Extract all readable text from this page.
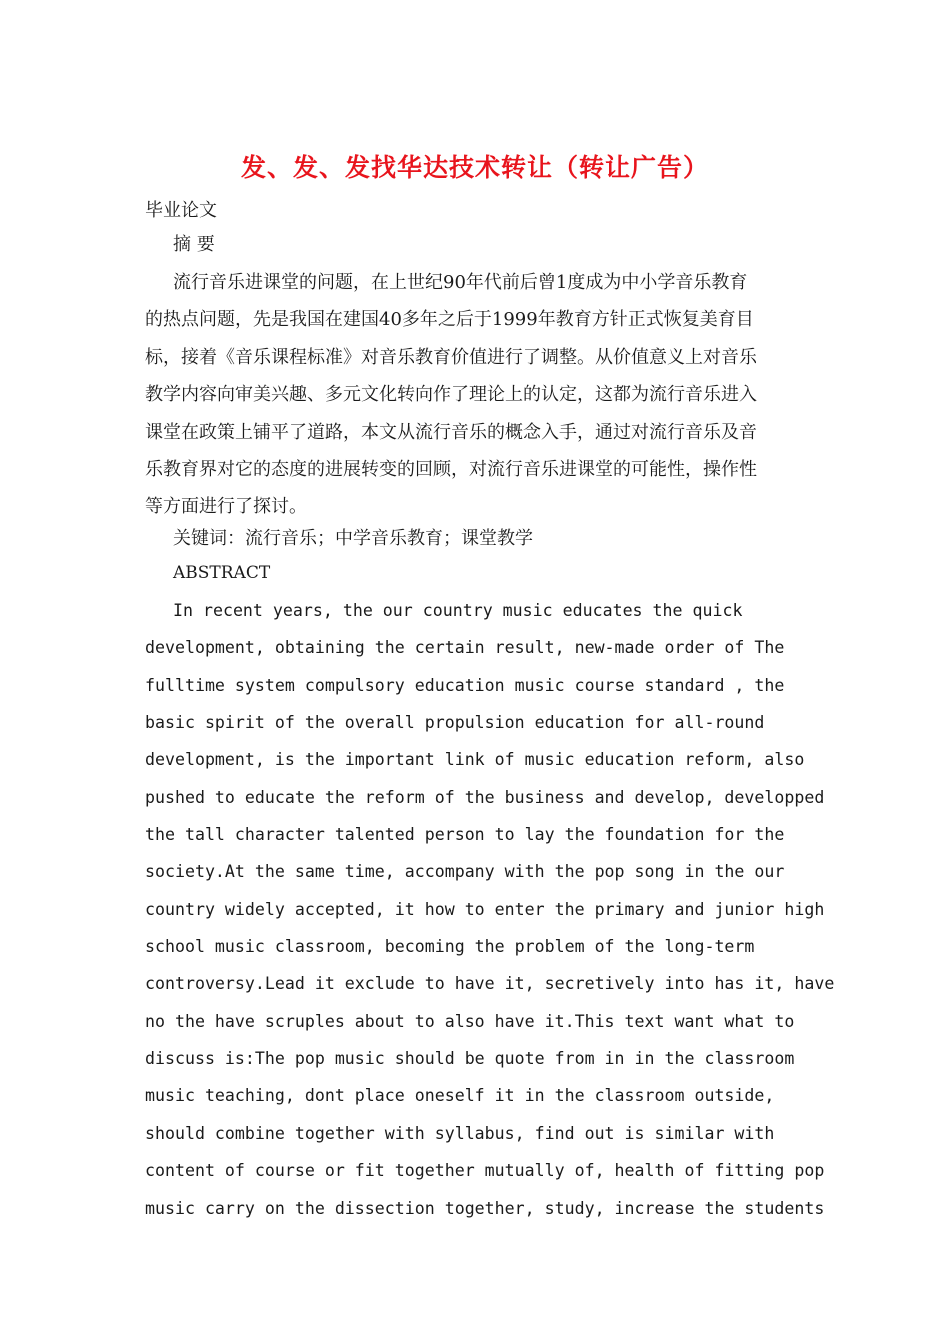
发、发、发找华达技术转让（转让广告）
毕业论文
摘 要
流行音乐进课堂的问题，在上世纪90年代前后曾1度成为中小学音乐教育
的热点问题，先是我国在建国40多年之后于1999年教育方针正式恢复美育目
标，接着《音乐课程标准》对音乐教育价值进行了调整。从价值意义上对音乐
教学内容向审美兴趣、多元文化转向作了理论上的认定，这都为流行音乐进入
课堂在政策上铺平了道路，本文从流行音乐的概念入手，通过对流行音乐及音
乐教育界对它的态度的进展转变的回顾，对流行音乐进课堂的可能性，操作性
等方面进行了探讨。
关键词：流行音乐；中学音乐教育；课堂教学
ABSTRACT
In recent years, the our country music educates the quick
development, obtaining the certain result, new-made order of The
fulltime system compulsory education music course standard , the
basic spirit of the overall propulsion education for all-round
development, is the important link of music education reform, also
pushed to educate the reform of the business and develop, developped
the tall character talented person to lay the foundation for the
society.At the same time, accompany with the pop song in the our
country widely accepted, it how to enter the primary and junior high
school music classroom, becoming the problem of the long-term
controversy.Lead it exclude to have it, secretively into has it, have
no the have scruples about to also have it.This text want what to
discuss is:The pop music should be quote from in in the classroom
music teaching, dont place oneself it in the classroom outside,
should combine together with syllabus, find out is similar with
content of course or fit together mutually of, health of fitting pop
music carry on the dissection together, study, increase the students
